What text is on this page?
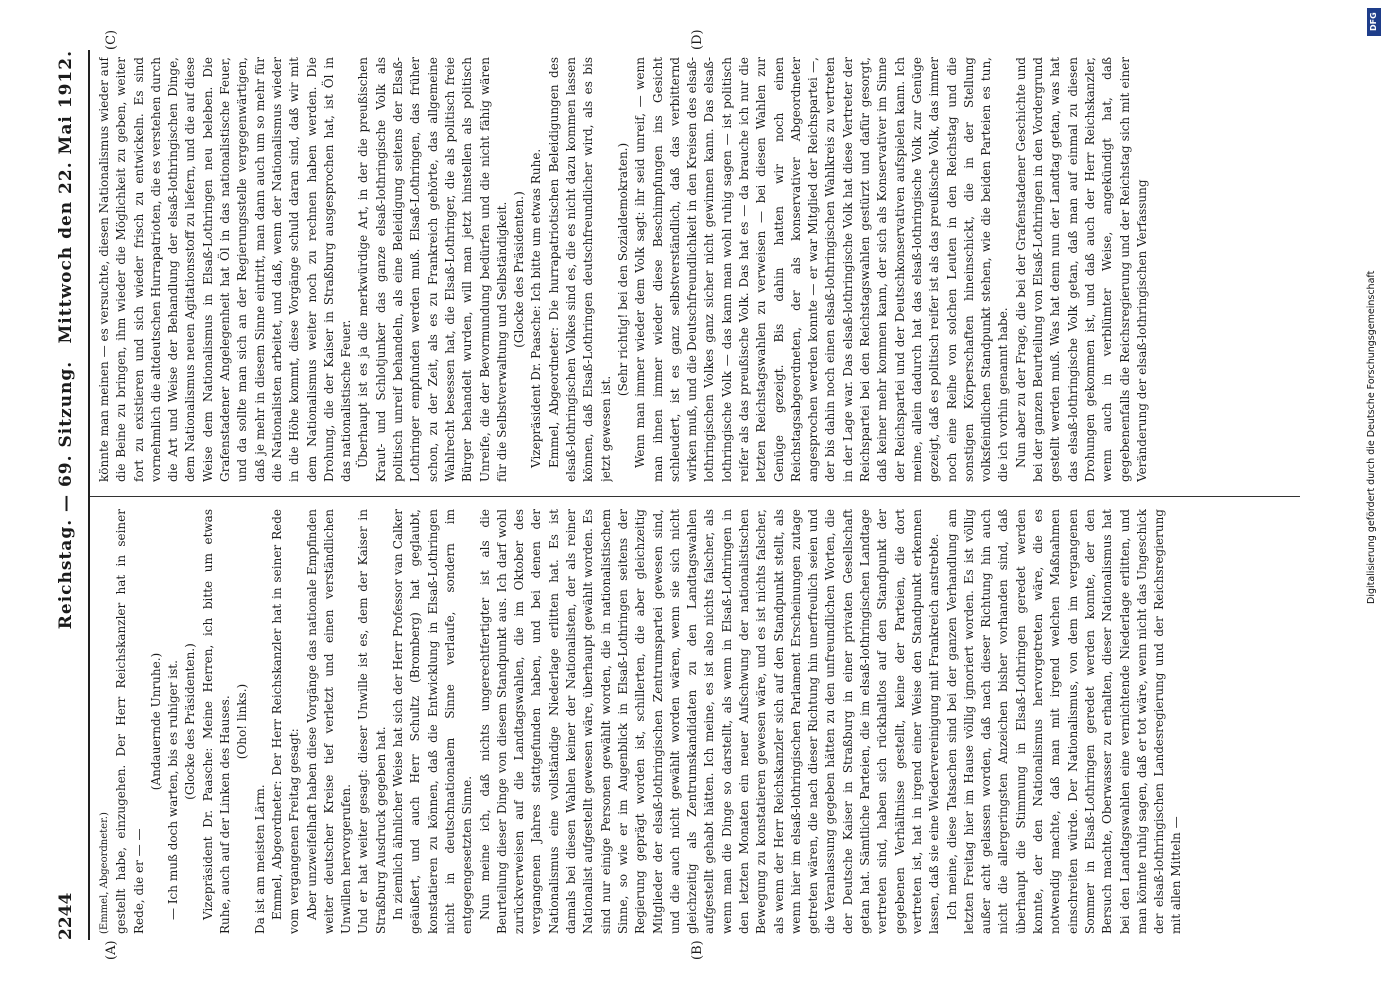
2244
Reichstag. — 69. Sitzung.
Mittwoch den 22. Mai 1912.
(A)	(B)
(C)	(D)

(Emmel, Abgeordneter.) gestellt habe, einzugehen. Der Herr Reichskanzler hat in seiner Rede, die er — —

(Andauernde Unruhe.) — Ich muß doch warten, bis es ruhiger ist. (Glocke des Präsidenten.) Vizepräsident Dr. Paasche: Meine Herren, ich bitte um etwas Ruhe, auch auf der Linken des Hauses. (Oho! links.)

Da ist am meisten Lärm. Emmel, Abgeordneter: Der Herr Reichskanzler hat in seiner Rede vom vergangenen Freitag gesagt: Aber unzweifelhaft haben diese Vorgänge das nationale Empfinden weiter deutscher Kreise tief verletzt und einen verständlichen Unwillen hervorgerufen. Und er hat weiter gesagt: dieser Unwille ist es, dem der Kaiser in Straßburg Ausdruck gegeben hat. In ziemlich ähnlicher Weise hat sich der Herr Professor van Calker geäußert, und auch Herr Schultz (Bromberg) hat geglaubt, konstatieren zu können, daß die Entwicklung in Elsaß-Lothringen nicht in deutschnationalem Sinne verlaufe, sondern im entgegengesetzten Sinne. Nun meine ich, daß nichts ungerechtfertigter ist als die Beurteilung dieser Dinge von diesem Standpunkt aus. Ich darf wohl zurückverweisen auf die Landtagswahlen, die im Oktober des vergangenen Jahres stattgefunden haben, und bei denen der Nationalismus eine vollständige Niederlage erlitten hat. Es ist damals bei diesen Wahlen keiner der Nationalisten, der als reiner Nationalist aufgestellt gewesen wäre, überhaupt gewählt worden. Es sind nur einige Personen gewählt worden, die in nationalistischem Sinne, so wie er im Augenblick in Elsaß-Lothringen seitens der Regierung geprägt worden ist, schillerten, die aber gleichzeitig Mitglieder der elsaß-lothringischen Zentrumspartei gewesen sind, und die auch nicht gewählt worden wären, wenn sie sich nicht gleichzeitig als Zentrumskandidaten zu den Landtagswahlen aufgestellt gehabt hätten. Ich meine, es ist also nichts falscher, als wenn man die Dinge so darstellt, als wenn in Elsaß-Lothringen in den letzten Monaten ein neuer Aufschwung der nationalistischen Bewegung zu konstatieren gewesen wäre, und es ist nichts falscher, als wenn der Herr Reichskanzler sich auf den Standpunkt stellt, als wenn hier im elsaß-lothringischen Parlament Erscheinungen zutage getreten wären, die nach dieser Richtung hin unerfreulich seien und die Veranlassung gegeben hätten zu den unfreundlichen Worten, die der Deutsche Kaiser in Straßburg in einer privaten Gesellschaft getan hat. Sämtliche Parteien, die im elsaß-lothringischen Landtage vertreten sind, haben sich rückhaltlos auf den Standpunkt der gegebenen Verhältnisse gestellt, keine der Parteien, die dort vertreten ist, hat in irgend einer Weise den Standpunkt erkennen lassen, daß sie eine Wiedervereinigung mit Frankreich anstrebte. Ich meine, diese Tatsachen sind bei der ganzen Verhandlung am letzten Freitag hier im Hause völlig ignoriert worden. Es ist völlig außer acht gelassen worden, daß nach dieser Richtung hin auch nicht die allergeringsten Anzeichen bisher vorhanden sind, daß überhaupt die Stimmung in Elsaß-Lothringen geredet werden konnte, der den Nationalismus hervorgetreten wäre, die es notwendig machte, daß man mit irgend welchen Maßnahmen einschreiten würde. Der Nationalismus, von dem im vergangenen Sommer in Elsaß-Lothringen geredet werden konnte, der den Bersuch machte, Oberwasser zu erhalten, dieser Nationalismus hat bei den Landtagswahlen eine vernichtende Niederlage erlitten, und man könnte ruhig sagen, daß er tot wäre, wenn nicht das Ungeschick der elsaß-lothringischen Landesregierung und der Reichsregierung mit allen Mitteln —

könnte man meinen — es versuchte, diesen Nationalismus wieder auf die Beine zu bringen, ihm wieder die Möglichkeit zu geben, weiter fort zu existieren und sich wieder frisch zu entwickeln. Es sind vornehmlich die altdeutschen Hurrapatrioten, die es verstehen durch die Art und Weise der Behandlung der elsaß-lothringischen Dinge, dem Nationalismus neuen Agitationsstoff zu liefern, und die auf diese Weise dem Nationalismus in Elsaß-Lothringen neu beleben. Die Grafenstadener Angelegenheit hat Öl in das nationalistische Feuer, und da sollte man sich an der Regierungsstelle vergegenwärtigen, daß je mehr in diesem Sinne eintritt, man dann auch um so mehr für die Nationalisten arbeitet, und daß, wenn der Nationalismus wieder in die Höhe kommt, diese Vorgänge schuld daran sind, daß wir mit dem Nationalismus weiter noch zu rechnen haben werden. Die Drohung, die der Kaiser in Straßburg ausgesprochen hat, ist Öl in das nationalistische Feuer. Überhaupt ist es ja die merkwürdige Art, in der die preußischen Kraut- und Schlotjunker das ganze elsaß-lothringische Volk als politisch unreif behandeln, als eine Beleidigung seitens der Elsaß-Lothringer empfunden werden muß. Elsaß-Lothringen, das früher schon, zu der Zeit, als es zu Frankreich gehörte, das allgemeine Wahlrecht besessen hat, die Elsaß-Lothringer, die als politisch freie Bürger behandelt wurden, will man jetzt hinstellen als politisch Unreife, die der Bevormundung bedürfen und die nicht fähig wären für die Selbstverwaltung und Selbständigkeit. (Glocke des Präsidenten.) Vizepräsident Dr. Paasche: Ich bitte um etwas Ruhe. Emmel, Abgeordneter: Die hurrapatriotischen Beleidigungen des elsaß-lothringischen Volkes sind es, die es nicht dazu kommen lassen können, daß Elsaß-Lothringen deutschfreundlicher wird, als es bis jetzt gewesen ist.

(Sehr richtig! bei den Sozialdemokraten.) Wenn man immer wieder dem Volk sagt: ihr seid unreif, — wenn man ihnen immer wieder diese Beschimpfungen ins Gesicht schleudert, ist es ganz selbstverständlich, daß das verbitternd wirken muß, und die Deutschfreundlichkeit in den Kreisen des elsaß-lothringischen Volkes ganz sicher nicht gewinnen kann. Das elsaß-lothringische Volk — das kann man wohl ruhig sagen — ist politisch reifer als das preußische Volk. Das hat es — da brauche ich nur die letzten Reichstagswahlen zu verweisen — bei diesen Wahlen zur Genüge gezeigt. Bis dahin hatten wir noch einen Reichstagsabgeordneten, der als konservativer Abgeordneter angesprochen werden konnte — er war Mitglied der Reichspartei —, der bis dahin noch einen elsaß-lothringischen Wahlkreis zu vertreten in der Lage war. Das elsaß-lothringische Volk hat diese Vertreter der Reichspartei bei den Reichstagswahlen gestürzt und dafür gesorgt, daß keiner mehr kommen kann, der sich als Konservativer im Sinne der Reichspartei und der Deutschkonservativen aufspielen kann. Ich meine, allein dadurch hat das elsaß-lothringische Volk zur Genüge gezeigt, daß es politisch reifer ist als das preußische Volk, das immer noch eine Reihe von solchen Leuten in den Reichstag und die sonstigen Körperschaften hineinschickt, die in der Stellung volksfeindlichen Standpunkt stehen, wie die beiden Parteien es tun, die ich vorhin genannt habe. Nun aber zu der Frage, die bei der Grafenstadener Geschichte und bei der ganzen Beurteilung von Elsaß-Lothringen in den Vordergrund gestellt werden muß. Was hat denn nun der Landtag getan, was hat das elsaß-lothringische Volk getan, daß man auf einmal zu diesen Drohungen gekommen ist, und daß auch der Herr Reichskanzler, wenn auch in verblümter Weise, angekündigt hat, daß gegebenenfalls die Reichsregierung und der Reichstag sich mit einer Veränderung der elsaß-lothringischen Verfassung

DFG
Digitalisierung gefördert durch die Deutsche Forschungsgemeinschaft
